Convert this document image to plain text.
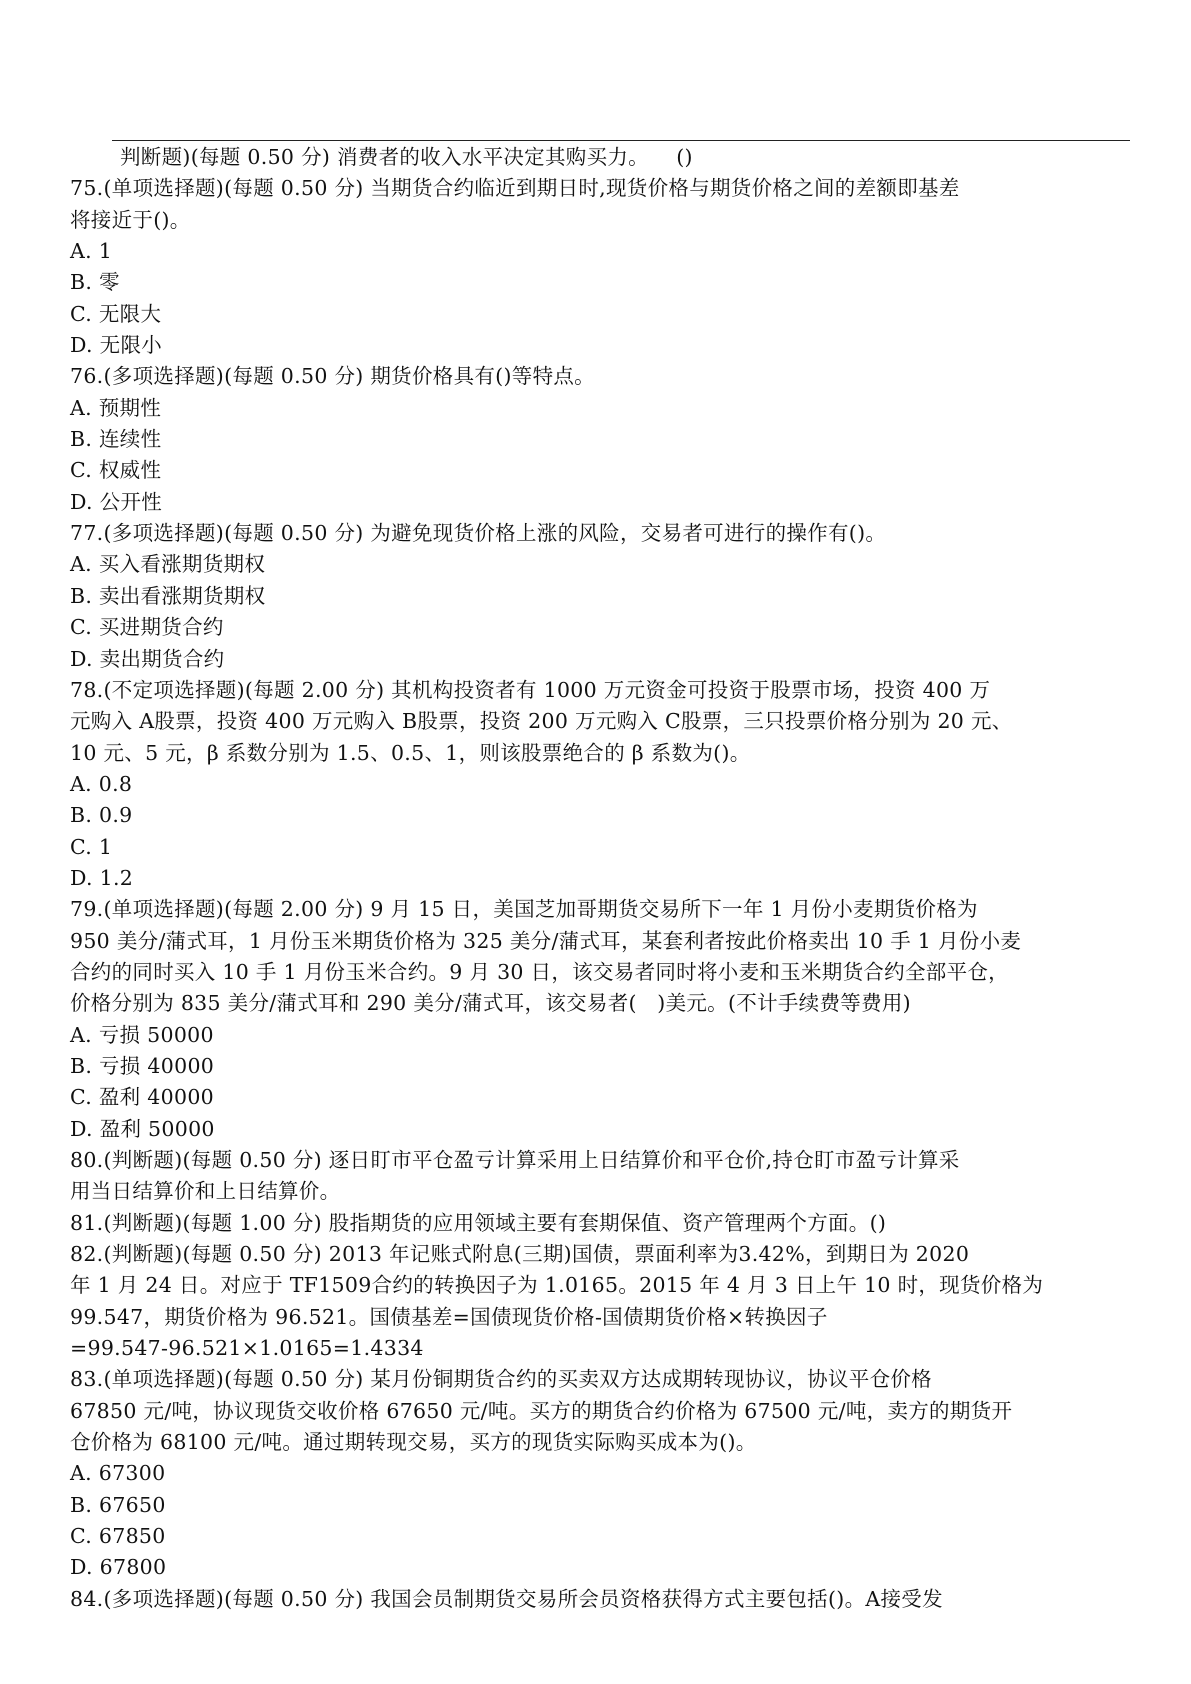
判断题)(每题 0.50 分) 消费者的收入水平决定其购买力。    ()
75.(单项选择题)(每题 0.50 分) 当期货合约临近到期日时,现货价格与期货价格之间的差额即基差
将接近于()。
A. 1
B. 零
C. 无限大
D. 无限小
76.(多项选择题)(每题 0.50 分) 期货价格具有()等特点。
A. 预期性
B. 连续性
C. 权威性
D. 公开性
77.(多项选择题)(每题 0.50 分) 为避免现货价格上涨的风险，交易者可进行的操作有()。
A. 买入看涨期货期权
B. 卖出看涨期货期权
C. 买进期货合约
D. 卖出期货合约
78.(不定项选择题)(每题 2.00 分) 其机构投资者有 1000 万元资金可投资于股票市场，投资 400 万
元购入 A股票，投资 400 万元购入 B股票，投资 200 万元购入 C股票，三只投票价格分别为 20 元、
10 元、5 元，β 系数分别为 1.5、0.5、1，则该股票绝合的 β 系数为()。
A. 0.8
B. 0.9
C. 1
D. 1.2
79.(单项选择题)(每题 2.00 分) 9 月 15 日，美国芝加哥期货交易所下一年 1 月份小麦期货价格为
950 美分/蒲式耳，1 月份玉米期货价格为 325 美分/蒲式耳，某套利者按此价格卖出 10 手 1 月份小麦
合约的同时买入 10 手 1 月份玉米合约。9 月 30 日，该交易者同时将小麦和玉米期货合约全部平仓，
价格分别为 835 美分/蒲式耳和 290 美分/蒲式耳，该交易者(   )美元。(不计手续费等费用)
A. 亏损 50000
B. 亏损 40000
C. 盈利 40000
D. 盈利 50000
80.(判断题)(每题 0.50 分) 逐日盯市平仓盈亏计算采用上日结算价和平仓价,持仓盯市盈亏计算采
用当日结算价和上日结算价。
81.(判断题)(每题 1.00 分) 股指期货的应用领域主要有套期保值、资产管理两个方面。()
82.(判断题)(每题 0.50 分) 2013 年记账式附息(三期)国债，票面利率为3.42%，到期日为 2020
年 1 月 24 日。对应于 TF1509合约的转换因子为 1.0165。2015 年 4 月 3 日上午 10 时，现货价格为
99.547，期货价格为 96.521。国债基差=国债现货价格-国债期货价格×转换因子
=99.547-96.521×1.0165=1.4334
83.(单项选择题)(每题 0.50 分) 某月份铜期货合约的买卖双方达成期转现协议，协议平仓价格
67850 元/吨，协议现货交收价格 67650 元/吨。买方的期货合约价格为 67500 元/吨，卖方的期货开
仓价格为 68100 元/吨。通过期转现交易，买方的现货实际购买成本为()。
A. 67300
B. 67650
C. 67850
D. 67800
84.(多项选择题)(每题 0.50 分) 我国会员制期货交易所会员资格获得方式主要包括()。A接受发
